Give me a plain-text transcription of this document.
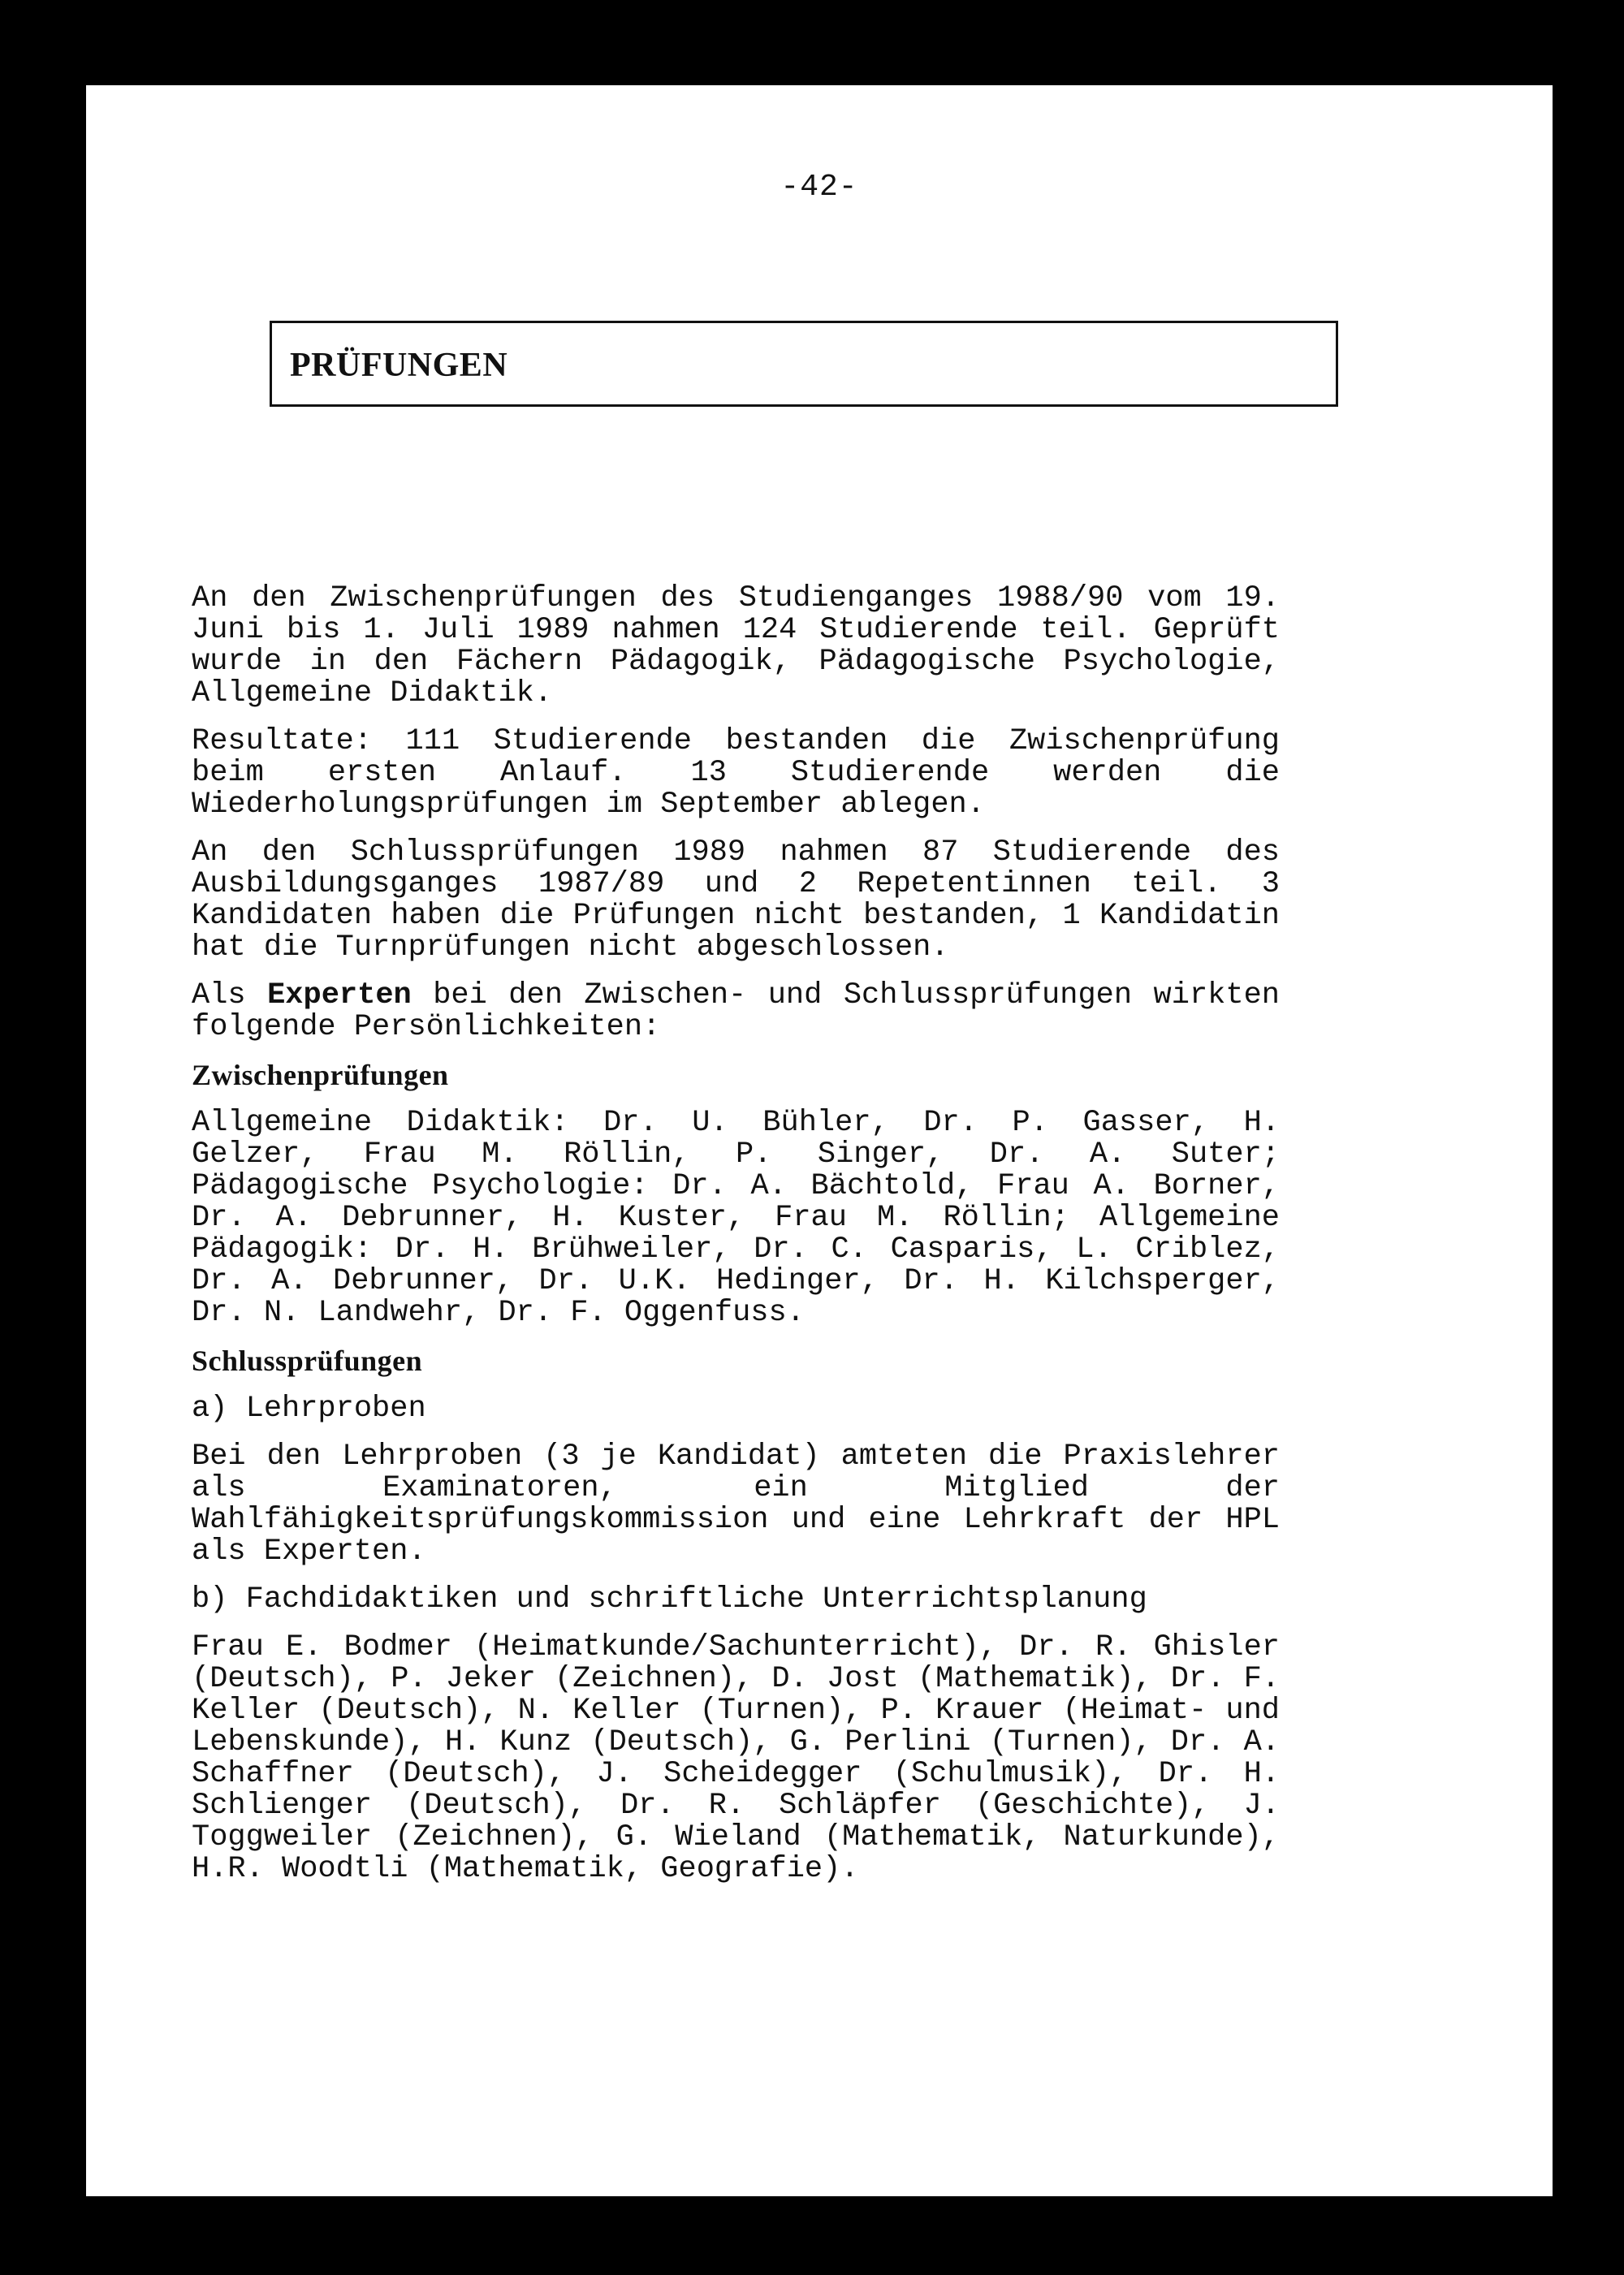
-42-
PRÜFUNGEN

An den Zwischenprüfungen des Studienganges 1988/90 vom 19. Juni bis 1. Juli 1989 nahmen 124 Studierende teil. Geprüft wurde in den Fächern Pädagogik, Pädagogische Psychologie, Allgemeine Didaktik.

Resultate: 111 Studierende bestanden die Zwischenprüfung beim ersten Anlauf. 13 Studierende werden die Wiederholungsprüfungen im September ablegen.

An den Schlussprüfungen 1989 nahmen 87 Studierende des Ausbildungsganges 1987/89 und 2 Repetentinnen teil. 3 Kandidaten haben die Prüfungen nicht bestanden, 1 Kandidatin hat die Turnprüfungen nicht abgeschlossen.

Als Experten bei den Zwischen- und Schlussprüfungen wirkten folgende Persönlichkeiten:

Zwischenprüfungen

Allgemeine Didaktik: Dr. U. Bühler, Dr. P. Gasser, H. Gelzer, Frau M. Röllin, P. Singer, Dr. A. Suter; Pädagogische Psychologie: Dr. A. Bächtold, Frau A. Borner, Dr. A. Debrunner, H. Kuster, Frau M. Röllin; Allgemeine Pädagogik: Dr. H. Brühweiler, Dr. C. Casparis, L. Criblez, Dr. A. Debrunner, Dr. U.K. Hedinger, Dr. H. Kilchsperger, Dr. N. Landwehr, Dr. F. Oggenfuss.

Schlussprüfungen

a) Lehrproben

Bei den Lehrproben (3 je Kandidat) amteten die Praxislehrer als Examinatoren, ein Mitglied der Wahlfähigkeitsprüfungskommission und eine Lehrkraft der HPL als Experten.

b) Fachdidaktiken und schriftliche Unterrichtsplanung

Frau E. Bodmer (Heimatkunde/Sachunterricht), Dr. R. Ghisler (Deutsch), P. Jeker (Zeichnen), D. Jost (Mathematik), Dr. F. Keller (Deutsch), N. Keller (Turnen), P. Krauer (Heimat- und Lebenskunde), H. Kunz (Deutsch), G. Perlini (Turnen), Dr. A. Schaffner (Deutsch), J. Scheidegger (Schulmusik), Dr. H. Schlienger (Deutsch), Dr. R. Schläpfer (Geschichte), J. Toggweiler (Zeichnen), G. Wieland (Mathematik, Naturkunde), H.R. Woodtli (Mathematik, Geografie).
